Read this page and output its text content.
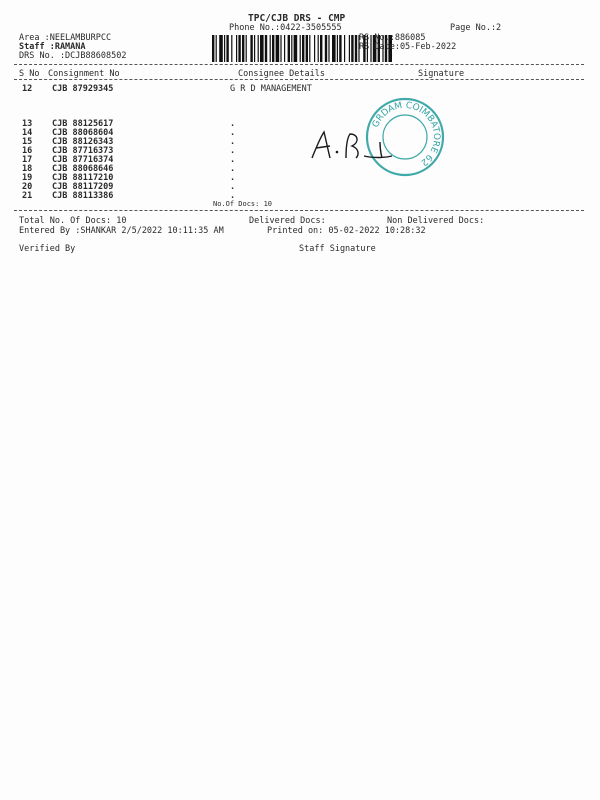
TPC/CJB DRS - CMP
Phone No.:0422-3505555	Page No.:2
Area :NEELAMBURPCC
Staff :RAMANA
DRS No. :DCJB88608502
RS No.:886085
RS Date:05-Feb-2022
S No Consignment No	Consignee Details	Signature
12 CJB 87929345	G R D MANAGEMENT
13 CJB 88125617	.
14 CJB 88068604	.
15 CJB 88126343	.
16 CJB 87716373	.
17 CJB 87716374	.
18 CJB 88068646	.
19 CJB 88117210	.
20 CJB 88117209	.
21 CJB 88113386	.
No.Of Docs: 10
Total No. Of Docs: 10	Delivered Docs:	Non Delivered Docs:
Entered By :SHANKAR 2/5/2022 10:11:35 AM	Printed on: 05-02-2022 10:28:32
Verified By	Staff Signature
GRDAM COIMBATORE 62
